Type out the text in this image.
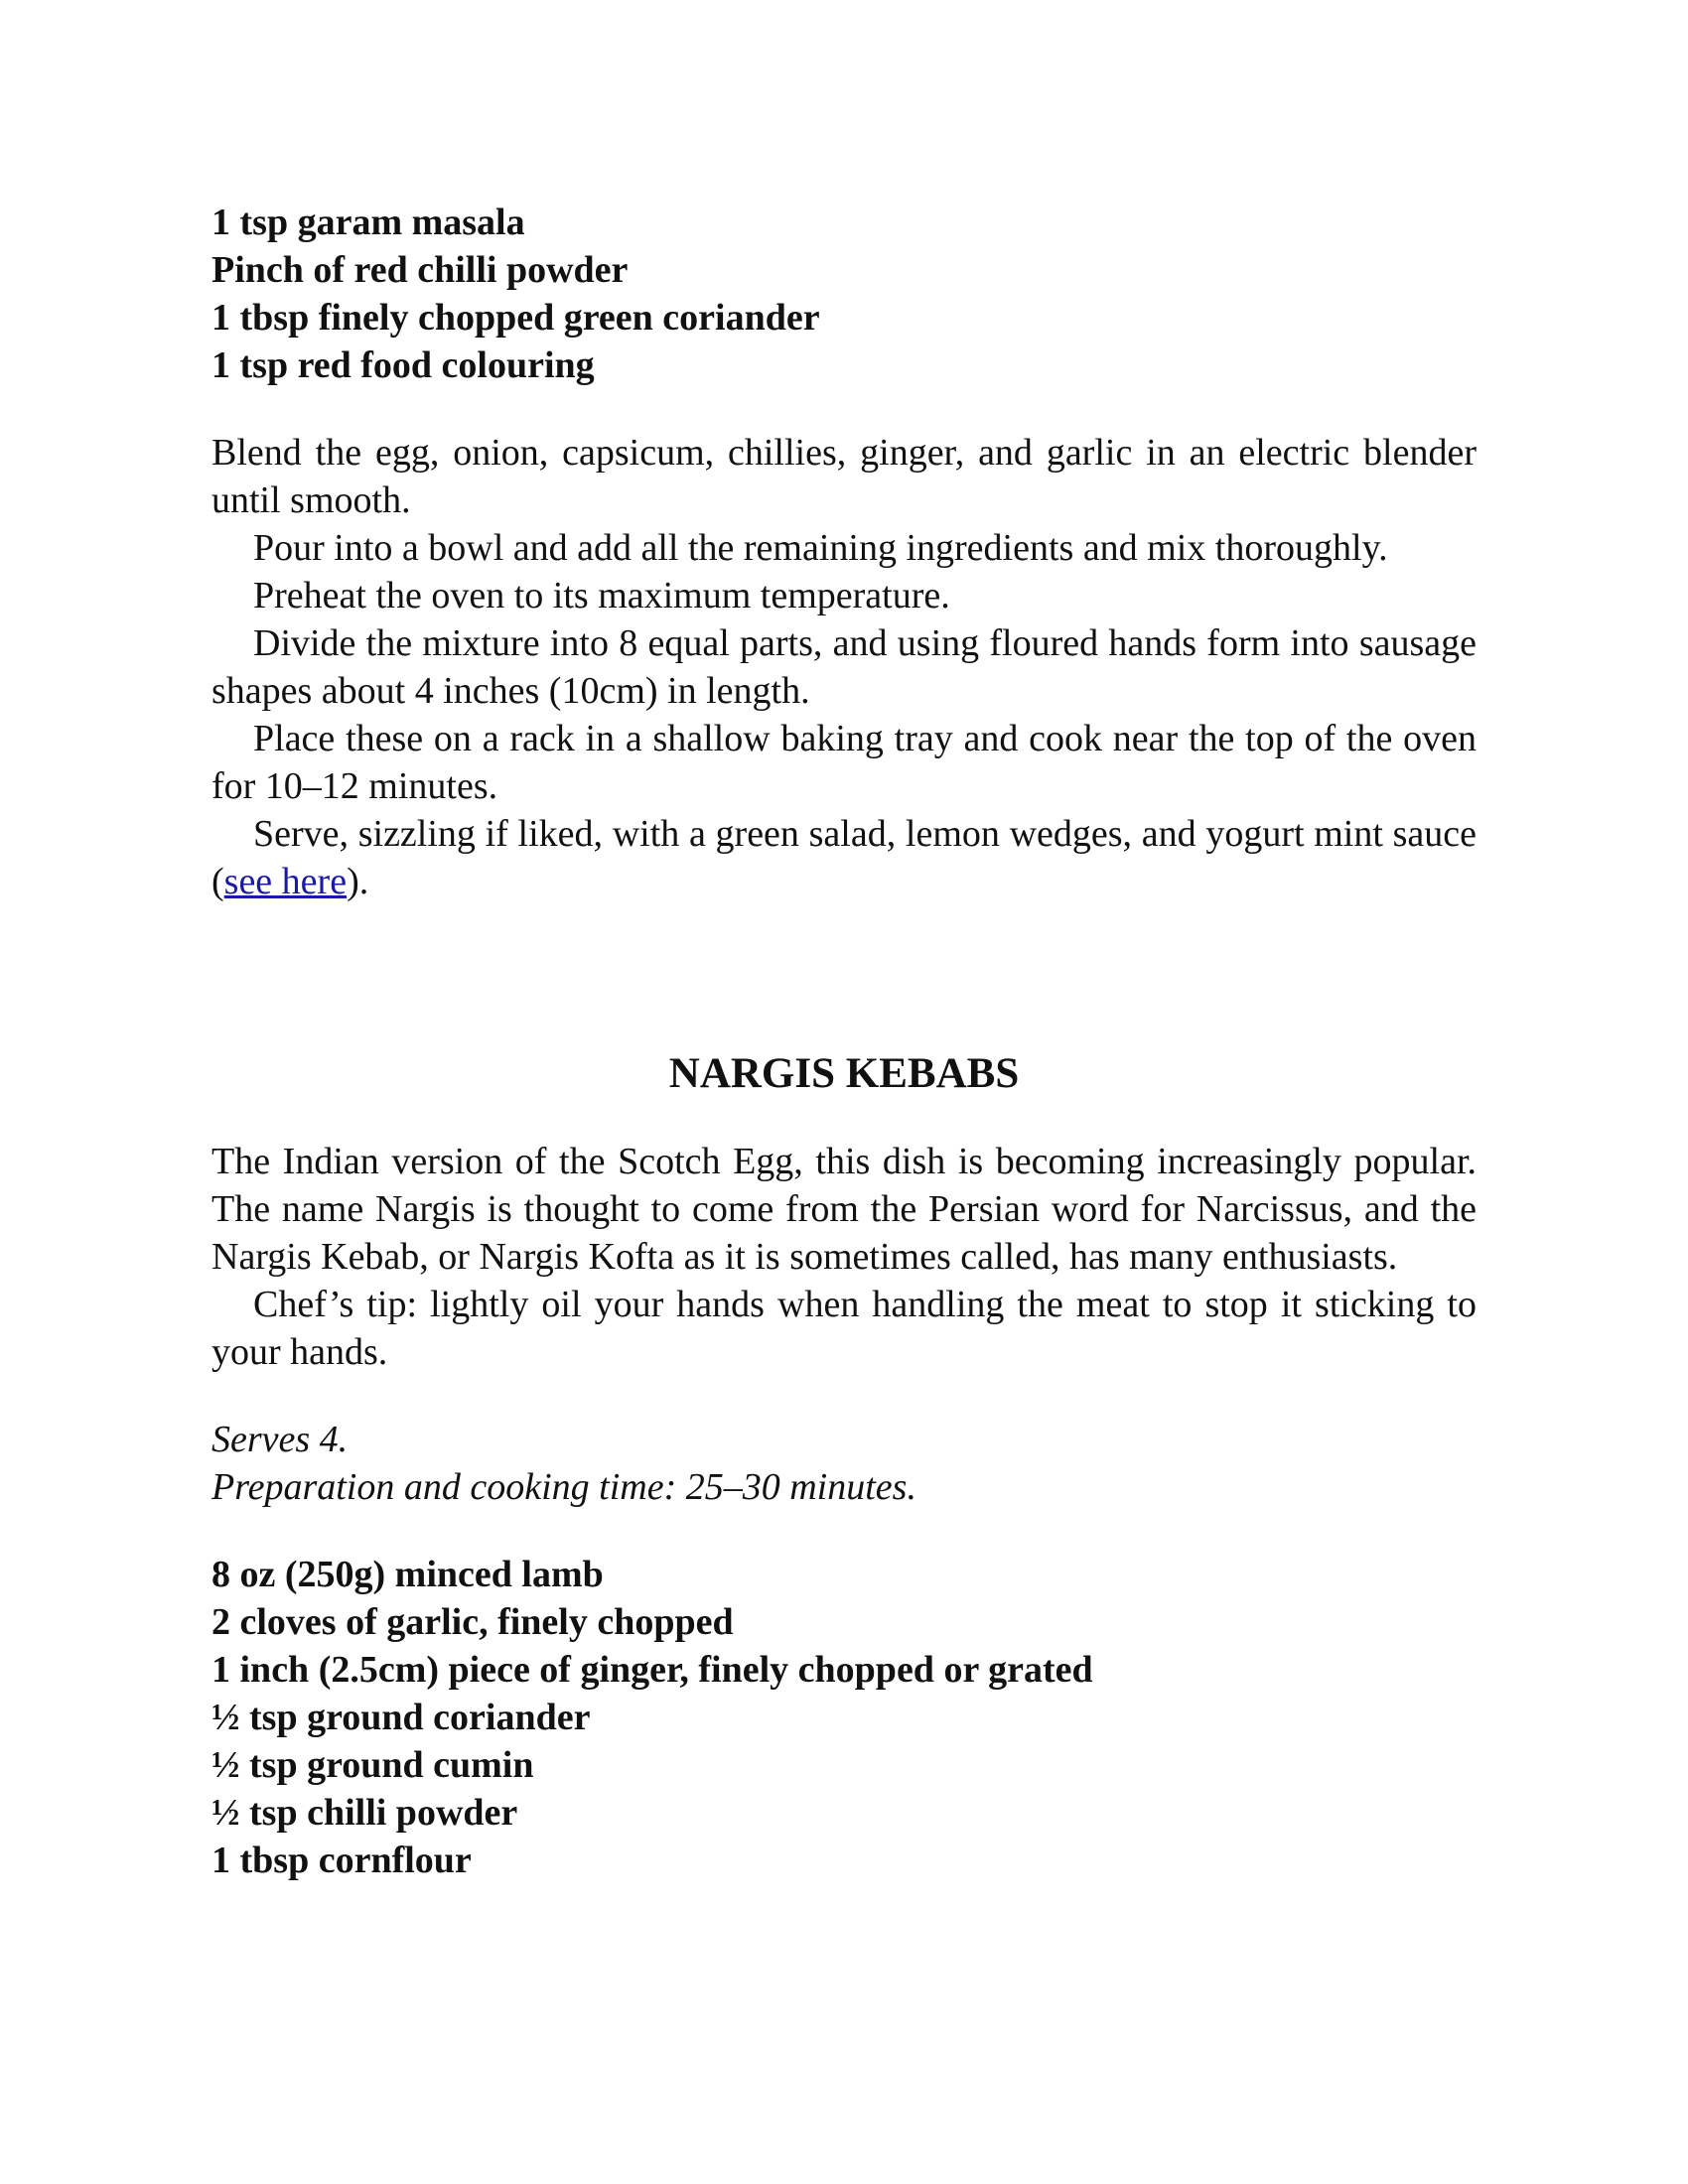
1 tsp garam masala

Pinch of red chilli powder

1 tbsp finely chopped green coriander

1 tsp red food colouring

Blend the egg, onion, capsicum, chillies, ginger, and garlic in an electric blender until smooth.

Pour into a bowl and add all the remaining ingredients and mix thoroughly.

Preheat the oven to its maximum temperature.

Divide the mixture into 8 equal parts, and using floured hands form into sausage shapes about 4 inches (10cm) in length.

Place these on a rack in a shallow baking tray and cook near the top of the oven for 10–12 minutes.

Serve, sizzling if liked, with a green salad, lemon wedges, and yogurt mint sauce (see here).

NARGIS KEBABS

The Indian version of the Scotch Egg, this dish is becoming increasingly popular. The name Nargis is thought to come from the Persian word for Narcissus, and the Nargis Kebab, or Nargis Kofta as it is sometimes called, has many enthusiasts.

Chef’s tip: lightly oil your hands when handling the meat to stop it sticking to your hands.

Serves 4.

Preparation and cooking time: 25–30 minutes.

8 oz (250g) minced lamb

2 cloves of garlic, finely chopped

1 inch (2.5cm) piece of ginger, finely chopped or grated

½ tsp ground coriander

½ tsp ground cumin

½ tsp chilli powder

1 tbsp cornflour
